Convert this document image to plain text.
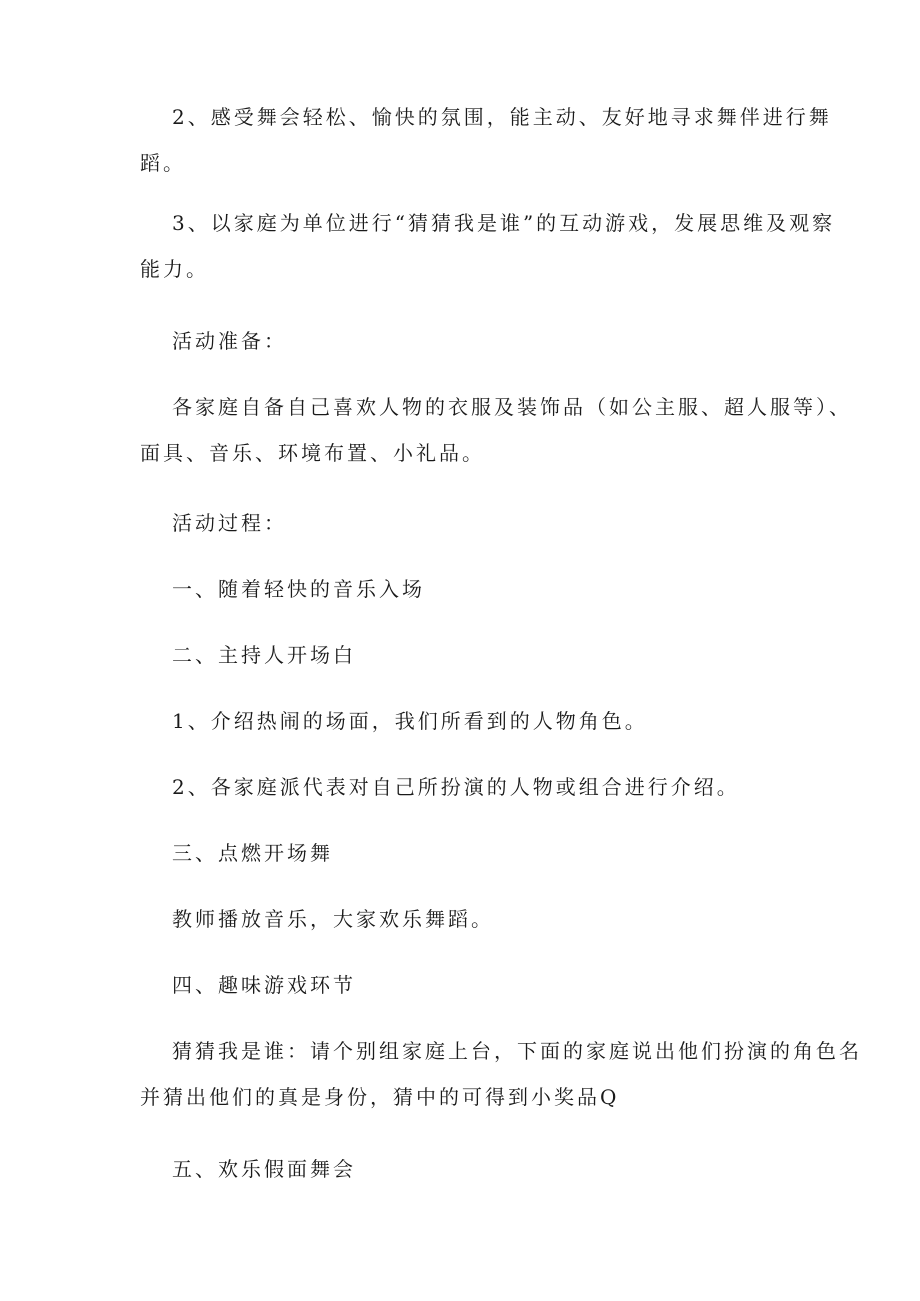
2、感受舞会轻松、愉快的氛围，能主动、友好地寻求舞伴进行舞
蹈。

3、以家庭为单位进行“猜猜我是谁”的互动游戏，发展思维及观察
能力。

活动准备：

各家庭自备自己喜欢人物的衣服及装饰品（如公主服、超人服等）、
面具、音乐、环境布置、小礼品。

活动过程：

一、随着轻快的音乐入场

二、主持人开场白

1、介绍热闹的场面，我们所看到的人物角色。

2、各家庭派代表对自己所扮演的人物或组合进行介绍。

三、点燃开场舞

教师播放音乐，大家欢乐舞蹈。

四、趣味游戏环节

猜猜我是谁：请个别组家庭上台，下面的家庭说出他们扮演的角色名
并猜出他们的真是身份，猜中的可得到小奖品Q

五、欢乐假面舞会
